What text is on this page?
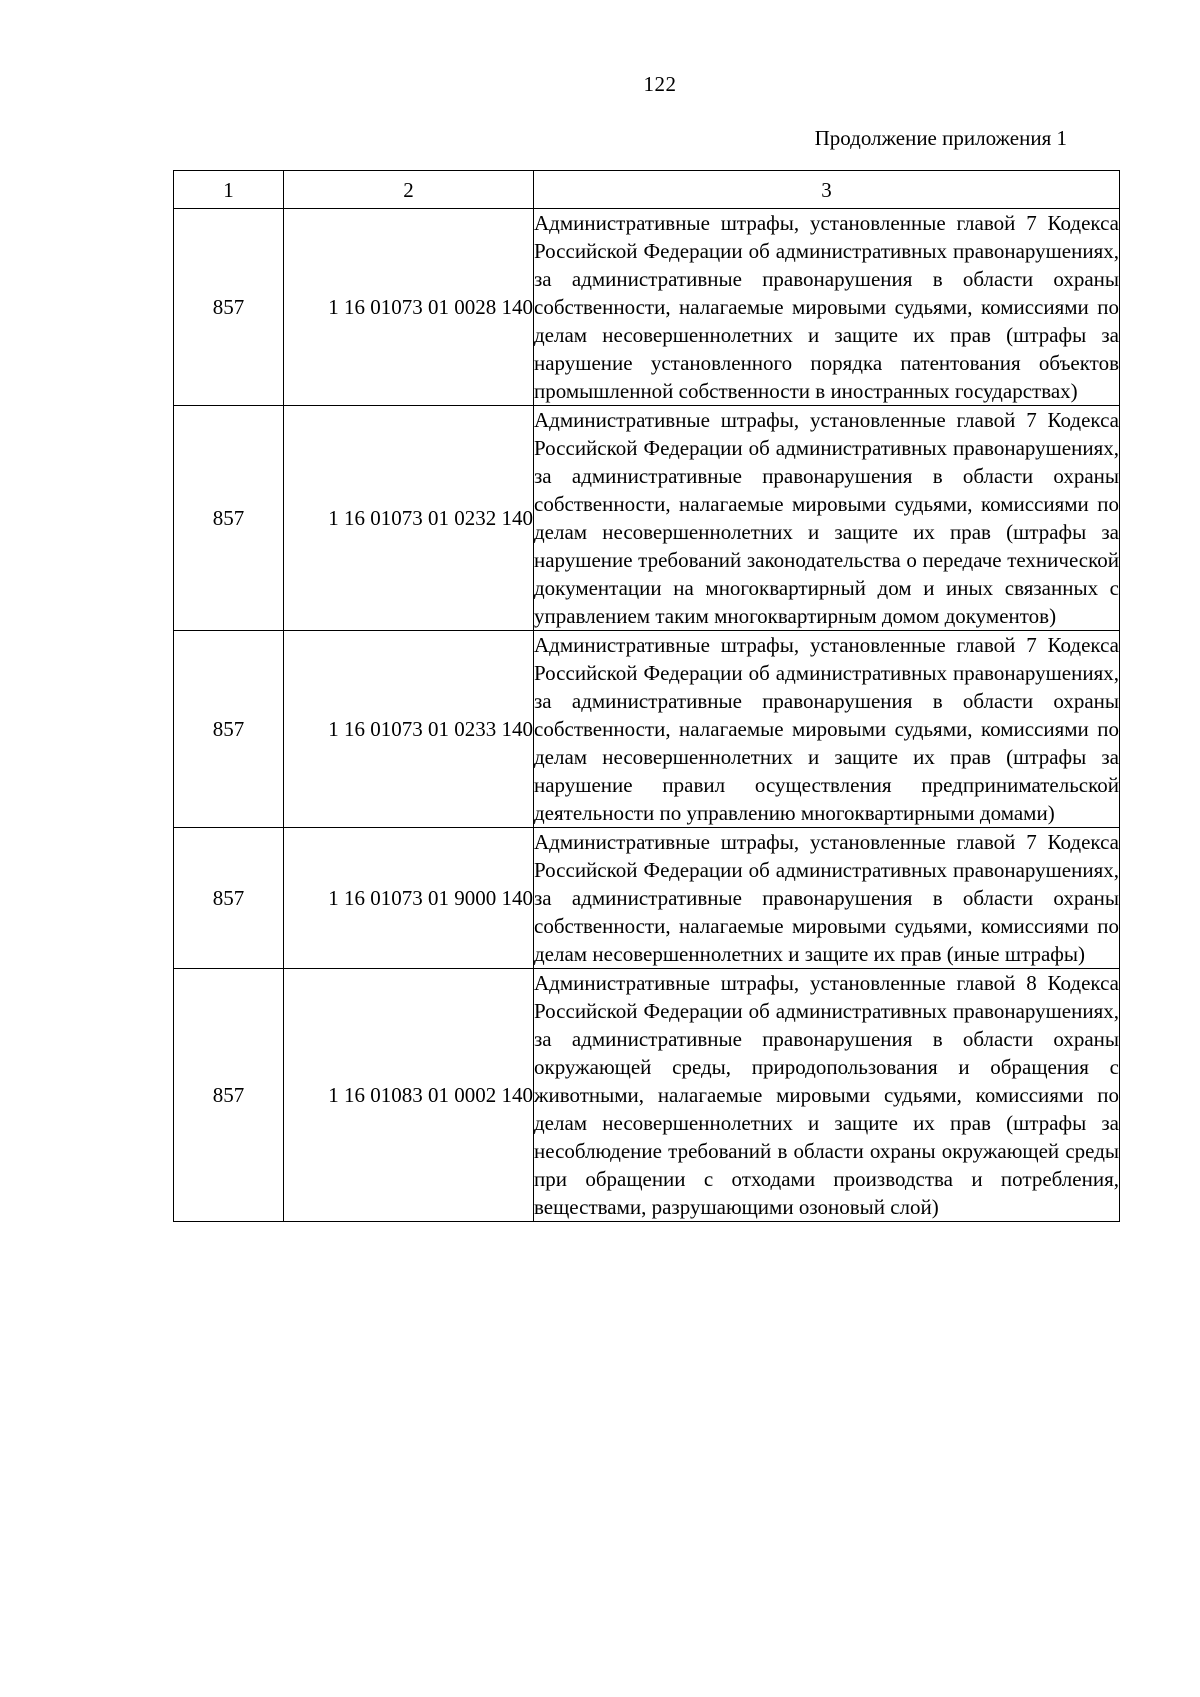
122
Продолжение приложения 1
1	2	3
857	1 16 01073 01 0028 140	Административные штрафы, установленные главой 7 Кодекса Российской Федерации об административных правонарушениях, за административные правонарушения в области охраны собственности, налагаемые мировыми судьями, комиссиями по делам несовершеннолетних и защите их прав (штрафы за нарушение установленного порядка патентования объектов промышленной собственности в иностранных государствах)
857	1 16 01073 01 0232 140	Административные штрафы, установленные главой 7 Кодекса Российской Федерации об административных правонарушениях, за административные правонарушения в области охраны собственности, налагаемые мировыми судьями, комиссиями по делам несовершеннолетних и защите их прав (штрафы за нарушение требований законодательства о передаче технической документации на многоквартирный дом и иных связанных с управлением таким многоквартирным домом документов)
857	1 16 01073 01 0233 140	Административные штрафы, установленные главой 7 Кодекса Российской Федерации об административных правонарушениях, за административные правонарушения в области охраны собственности, налагаемые мировыми судьями, комиссиями по делам несовершеннолетних и защите их прав (штрафы за нарушение правил осуществления предпринимательской деятельности по управлению многоквартирными домами)
857	1 16 01073 01 9000 140	Административные штрафы, установленные главой 7 Кодекса Российской Федерации об административных правонарушениях, за административные правонарушения в области охраны собственности, налагаемые мировыми судьями, комиссиями по делам несовершеннолетних и защите их прав (иные штрафы)
857	1 16 01083 01 0002 140	Административные штрафы, установленные главой 8 Кодекса Российской Федерации об административных правонарушениях, за административные правонарушения в области охраны окружающей среды, природопользования и обращения с животными, налагаемые мировыми судьями, комиссиями по делам несовершеннолетних и защите их прав (штрафы за несоблюдение требований в области охраны окружающей среды при обращении с отходами производства и потребления, веществами, разрушающими озоновый слой)
